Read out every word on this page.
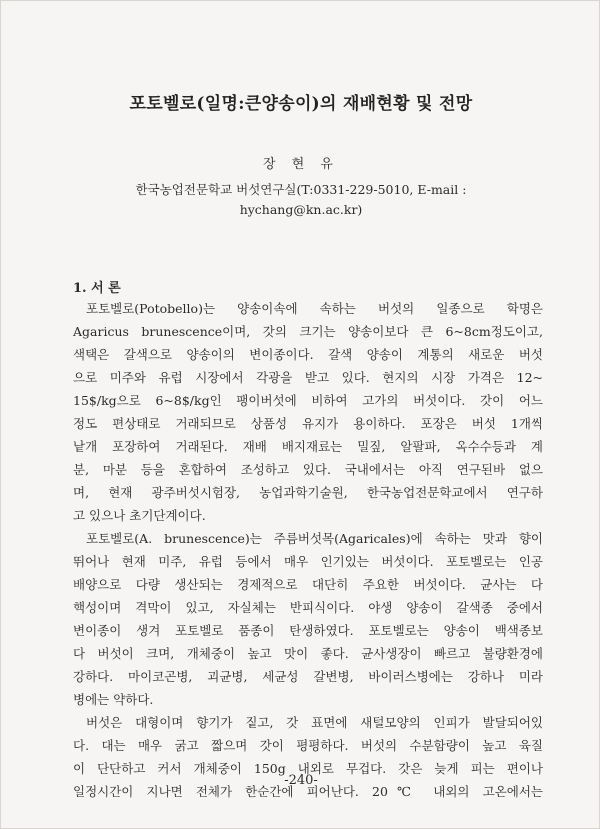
포토벨로(일명:큰양송이)의 재배현황 및 전망
장 현 유
한국농업전문학교 버섯연구실(T:0331-229-5010, E-mail :
hychang@kn.ac.kr)
1. 서 론
포토벨로(Potobello)는 양송이속에 속하는 버섯의 일종으로 학명은
Agaricus brunescence이며, 갓의 크기는 양송이보다 큰 6~8cm정도이고,
색택은 갈색으로 양송이의 변이종이다. 갈색 양송이 계통의 새로운 버섯
으로 미주와 유럽 시장에서 각광을 받고 있다. 현지의 시장 가격은 12~
15$/kg으로 6~8$/kg인 팽이버섯에 비하여 고가의 버섯이다. 갓이 어느
정도 편상태로 거래되므로 상품성 유지가 용이하다. 포장은 버섯 1개씩
낱개 포장하여 거래된다. 재배 배지재료는 밀짚, 알팔파, 옥수수등과 계
분, 마분 등을 혼합하여 조성하고 있다. 국내에서는 아직 연구된바 없으
며, 현재 광주버섯시험장, 농업과학기술원, 한국농업전문학교에서 연구하
고 있으나 초기단계이다.
포토벨로(A. brunescence)는 주름버섯목(Agaricales)에 속하는 맛과 향이
뛰어나 현재 미주, 유럽 등에서 매우 인기있는 버섯이다. 포토벨로는 인공
배양으로 다량 생산되는 경제적으로 대단히 주요한 버섯이다. 균사는 다
핵성이며 격막이 있고, 자실체는 반피식이다. 야생 양송이 갈색종 중에서
변이종이 생겨 포토벨로 품종이 탄생하였다. 포토벨로는 양송이 백색종보
다 버섯이 크며, 개체중이 높고 맛이 좋다. 균사생장이 빠르고 불량환경에
강하다. 마이코곤병, 괴균병, 세균성 갈변병, 바이러스병에는 강하나 미라
병에는 약하다.
버섯은 대형이며 향기가 짙고, 갓 표면에 새털모양의 인피가 발달되어있
다. 대는 매우 굵고 짧으며 갓이 평평하다. 버섯의 수분함량이 높고 육질
이 단단하고 커서 개체중이 150g 내외로 무겁다. 갓은 늦게 피는 편이나
일정시간이 지나면 전체가 한순간에 피어난다. 20℃ 내외의 고온에서는
-240-
